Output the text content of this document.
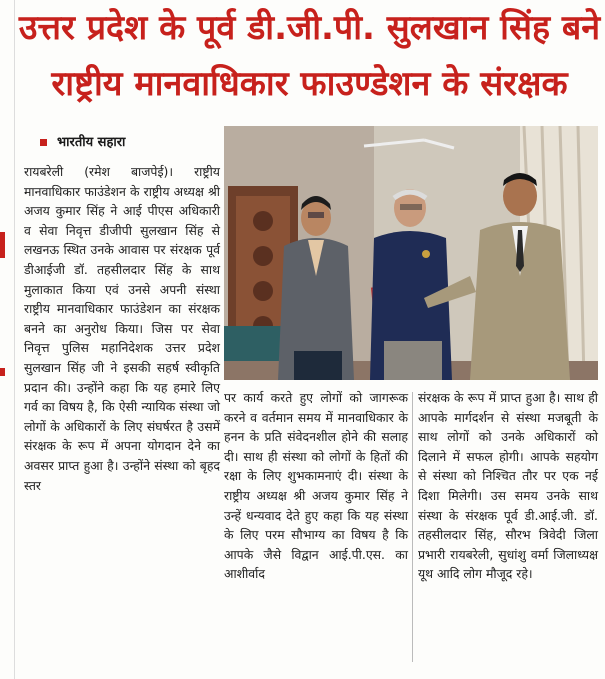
उत्तर प्रदेश के पूर्व डी.जी.पी. सुलखान सिंह बने
राष्ट्रीय मानवाधिकार फाउण्डेशन के संरक्षक
भारतीय सहारा

रायबरेली (रमेश बाजपेई)। राष्ट्रीय मानवाधिकार फाउंडेशन के राष्ट्रीय अध्यक्ष श्री अजय कुमार सिंह ने आई पीएस अधिकारी व सेवा निवृत्त डीजीपी सुलखान सिंह से लखनऊ स्थित उनके आवास पर संरक्षक पूर्व डीआईजी डॉ. तहसीलदार सिंह के साथ मुलाकात किया एवं उनसे अपनी संस्था राष्ट्रीय मानवाधिकार फाउंडेशन का संरक्षक बनने का अनुरोध किया। जिस पर सेवा निवृत्त पुलिस महानिदेशक उत्तर प्रदेश सुलखान सिंह जी ने इसकी सहर्ष स्वीकृति प्रदान की। उन्होंने कहा कि यह हमारे लिए गर्व का विषय है, कि ऐसी न्यायिक संस्था जो लोगों के अधिकारों के लिए संघर्षरत है उसमें संरक्षक के रूप में अपना योगदान देने का अवसर प्राप्त हुआ है। उन्होंने संस्था को बृहद स्तर

पर कार्य करते हुए लोगों को जागरूक करने व वर्तमान समय में मानवाधिकार के हनन के प्रति संवेदनशील होने की सलाह दी। साथ ही संस्था को लोगों के हितों की रक्षा के लिए शुभकामनाएं दी। संस्था के राष्ट्रीय अध्यक्ष श्री अजय कुमार सिंह ने उन्हें धन्यवाद देते हुए कहा कि यह संस्था के लिए परम सौभाग्य का विषय है कि आपके जैसे विद्वान आई.पी.एस. का आशीर्वाद

संरक्षक के रूप में प्राप्त हुआ है। साथ ही आपके मार्गदर्शन से संस्था मजबूती के साथ लोगों को उनके अधिकारों को दिलाने में सफल होगी। आपके सहयोग से संस्था को निश्चित तौर पर एक नई दिशा मिलेगी। उस समय उनके साथ संस्था के संरक्षक पूर्व डी.आई.जी. डॉ. तहसीलदार सिंह, सौरभ त्रिवेदी जिला प्रभारी रायबरेली, सुधांशु वर्मा जिलाध्यक्ष यूथ आदि लोग मौजूद रहे।
